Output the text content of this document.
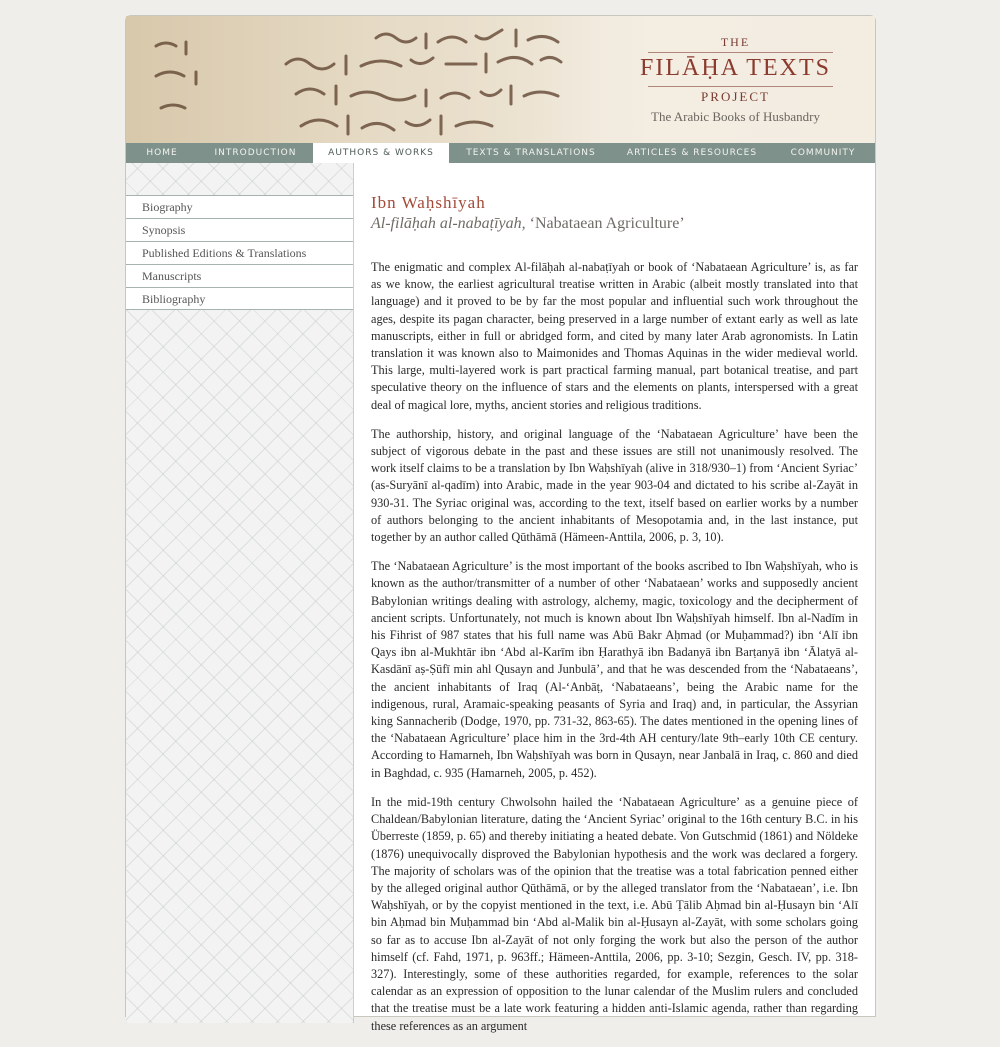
THE
FILĀḤA TEXTS
PROJECT
The Arabic Books of Husbandry
HOME	INTRODUCTION	AUTHORS & WORKS	TEXTS & TRANSLATIONS	ARTICLES & RESOURCES	COMMUNITY
Biography
Synopsis
Published Editions & Translations
Manuscripts
Bibliography
Ibn Waḥshīyah
Al-filāḥah al-nabaṭīyah, ‘Nabataean Agriculture’

The enigmatic and complex Al-filāḥah al-nabaṭīyah or book of ‘Nabataean Agriculture’ is, as far as we know, the earliest agricultural treatise written in Arabic (albeit mostly translated into that language) and it proved to be by far the most popular and influential such work throughout the ages, despite its pagan character, being preserved in a large number of extant early as well as late manuscripts, either in full or abridged form, and cited by many later Arab agronomists. In Latin translation it was known also to Maimonides and Thomas Aquinas in the wider medieval world. This large, multi-layered work is part practical farming manual, part botanical treatise, and part speculative theory on the influence of stars and the elements on plants, interspersed with a great deal of magical lore, myths, ancient stories and religious traditions.

The authorship, history, and original language of the ‘Nabataean Agriculture’ have been the subject of vigorous debate in the past and these issues are still not unanimously resolved. The work itself claims to be a translation by Ibn Waḥshīyah (alive in 318/930–1) from ‘Ancient Syriac’ (as-Suryānī al-qadīm) into Arabic, made in the year 903-04 and dictated to his scribe al-Zayāt in 930-31. The Syriac original was, according to the text, itself based on earlier works by a number of authors belonging to the ancient inhabitants of Mesopotamia and, in the last instance, put together by an author called Qūthāmā (Hämeen-Anttila, 2006, p. 3, 10).

The ‘Nabataean Agriculture’ is the most important of the books ascribed to Ibn Waḥshīyah, who is known as the author/transmitter of a number of other ‘Nabataean’ works and supposedly ancient Babylonian writings dealing with astrology, alchemy, magic, toxicology and the decipherment of ancient scripts. Unfortunately, not much is known about Ibn Waḥshīyah himself. Ibn al-Nadīm in his Fihrist of 987 states that his full name was Abū Bakr Aḥmad (or Muḥammad?) ibn ‘Alī ibn Qays ibn al-Mukhtār ibn ‘Abd al-Karīm ibn Ḥarathyā ibn Badanyā ibn Barṭanyā ibn ‘Ālatyā al-Kasdānī aṣ-Ṣūfī min ahl Qusayn and Junbulā’, and that he was descended from the ‘Nabataeans’, the ancient inhabitants of Iraq (Al-‘Anbāṭ, ‘Nabataeans’, being the Arabic name for the indigenous, rural, Aramaic-speaking peasants of Syria and Iraq) and, in particular, the Assyrian king Sannacherib (Dodge, 1970, pp. 731-32, 863-65). The dates mentioned in the opening lines of the ‘Nabataean Agriculture’ place him in the 3rd-4th AH century/late 9th–early 10th CE century. According to Hamarneh, Ibn Waḥshīyah was born in Qusayn, near Janbalā in Iraq, c. 860 and died in Baghdad, c. 935 (Hamarneh, 2005, p. 452).

In the mid-19th century Chwolsohn hailed the ‘Nabataean Agriculture’ as a genuine piece of Chaldean/Babylonian literature, dating the ‘Ancient Syriac’ original to the 16th century B.C. in his Überreste (1859, p. 65) and thereby initiating a heated debate. Von Gutschmid (1861) and Nöldeke (1876) unequivocally disproved the Babylonian hypothesis and the work was declared a forgery. The majority of scholars was of the opinion that the treatise was a total fabrication penned either by the alleged original author Qūthāmā, or by the alleged translator from the ‘Nabataean’, i.e. Ibn Waḥshīyah, or by the copyist mentioned in the text, i.e. Abū Ṭālib Aḥmad bin al-Ḥusayn bin ‘Alī bin Aḥmad bin Muḥammad bin ‘Abd al-Malik bin al-Ḥusayn al-Zayāt, with some scholars going so far as to accuse Ibn al-Zayāt of not only forging the work but also the person of the author himself (cf. Fahd, 1971, p. 963ff.; Hämeen-Anttila, 2006, pp. 3-10; Sezgin, Gesch. IV, pp. 318-327). Interestingly, some of these authorities regarded, for example, references to the solar calendar as an expression of opposition to the lunar calendar of the Muslim rulers and concluded that the treatise must be a late work featuring a hidden anti-Islamic agenda, rather than regarding these references as an argument
